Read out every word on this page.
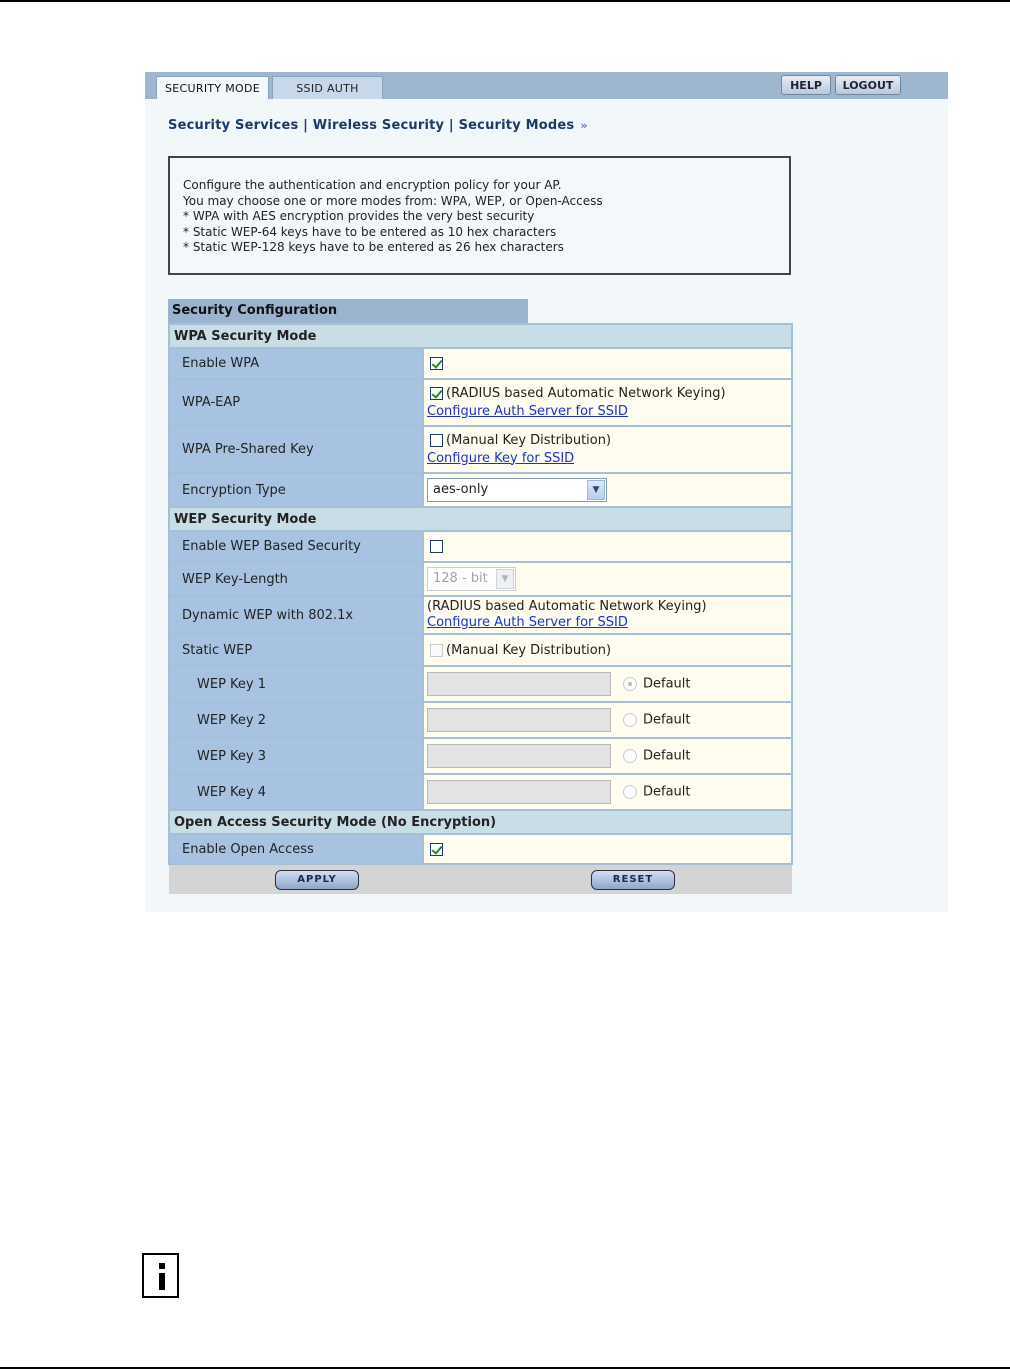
SECURITY MODE	SSID AUTH	HELP	LOGOUT
Security Services | Wireless Security | Security Modes »
Configure the authentication and encryption policy for your AP.
You may choose one or more modes from: WPA, WEP, or Open-Access
* WPA with AES encryption provides the very best security
* Static WEP-64 keys have to be entered as 10 hex characters
* Static WEP-128 keys have to be entered as 26 hex characters
Security Configuration
WPA Security Mode	
Enable WPA	
WPA-EAP	(RADIUS based Automatic Network Keying)
Configure Auth Server for SSID

WPA Pre-Shared Key	(Manual Key Distribution)
Configure Key for SSID

Encryption Type	aes-only ▼

WEP Security Mode	
Enable WEP Based Security	
WEP Key-Length	128 - bit ▼

Dynamic WEP with 802.1x	(RADIUS based Automatic Network Keying)
Configure Auth Server for SSID

Static WEP	(Manual Key Distribution)
WEP Key 1	Default
WEP Key 2	Default
WEP Key 3	Default
WEP Key 4	Default
Open Access Security Mode (No Encryption)	
Enable Open Access	

APPLY RESET	
